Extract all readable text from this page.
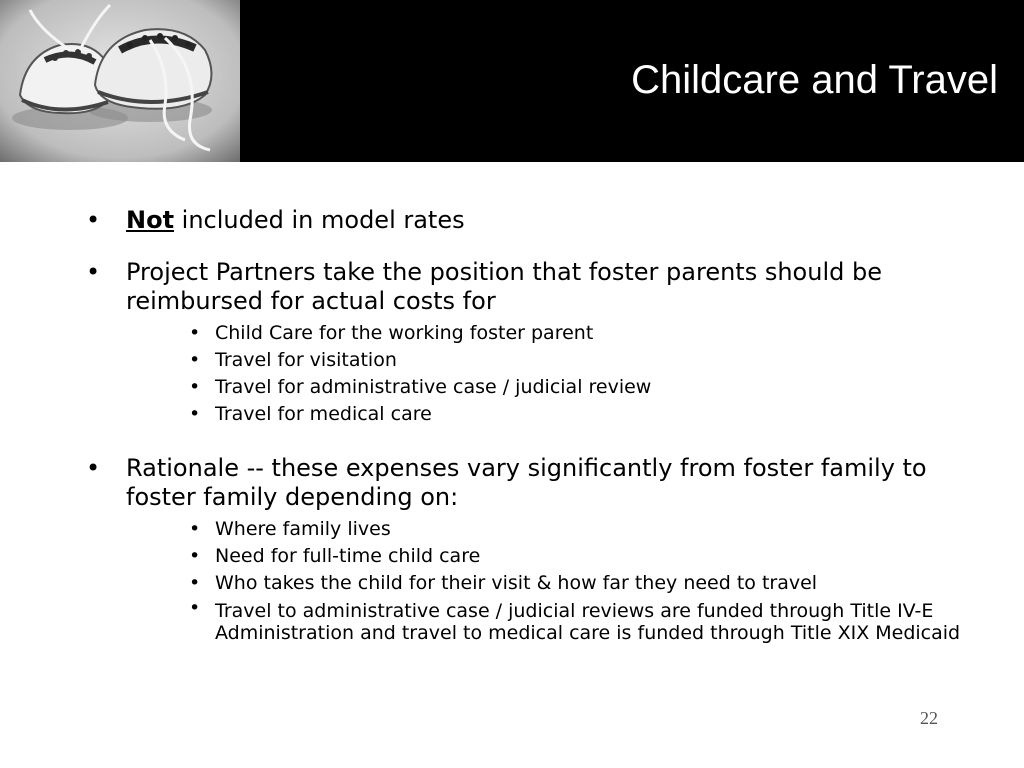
Childcare and Travel
• Not included in model rates
• Project Partners take the position that foster parents should be reimbursed for actual costs for
• Child Care for the working foster parent
• Travel for visitation
• Travel for administrative case / judicial review
• Travel for medical care
• Rationale -- these expenses vary significantly from foster family to foster family depending on:
• Where family lives
• Need for full-time child care
• Who takes the child for their visit & how far they need to travel
• Travel to administrative case / judicial reviews are funded through Title IV-E Administration and travel to medical care is funded through Title XIX Medicaid
22
